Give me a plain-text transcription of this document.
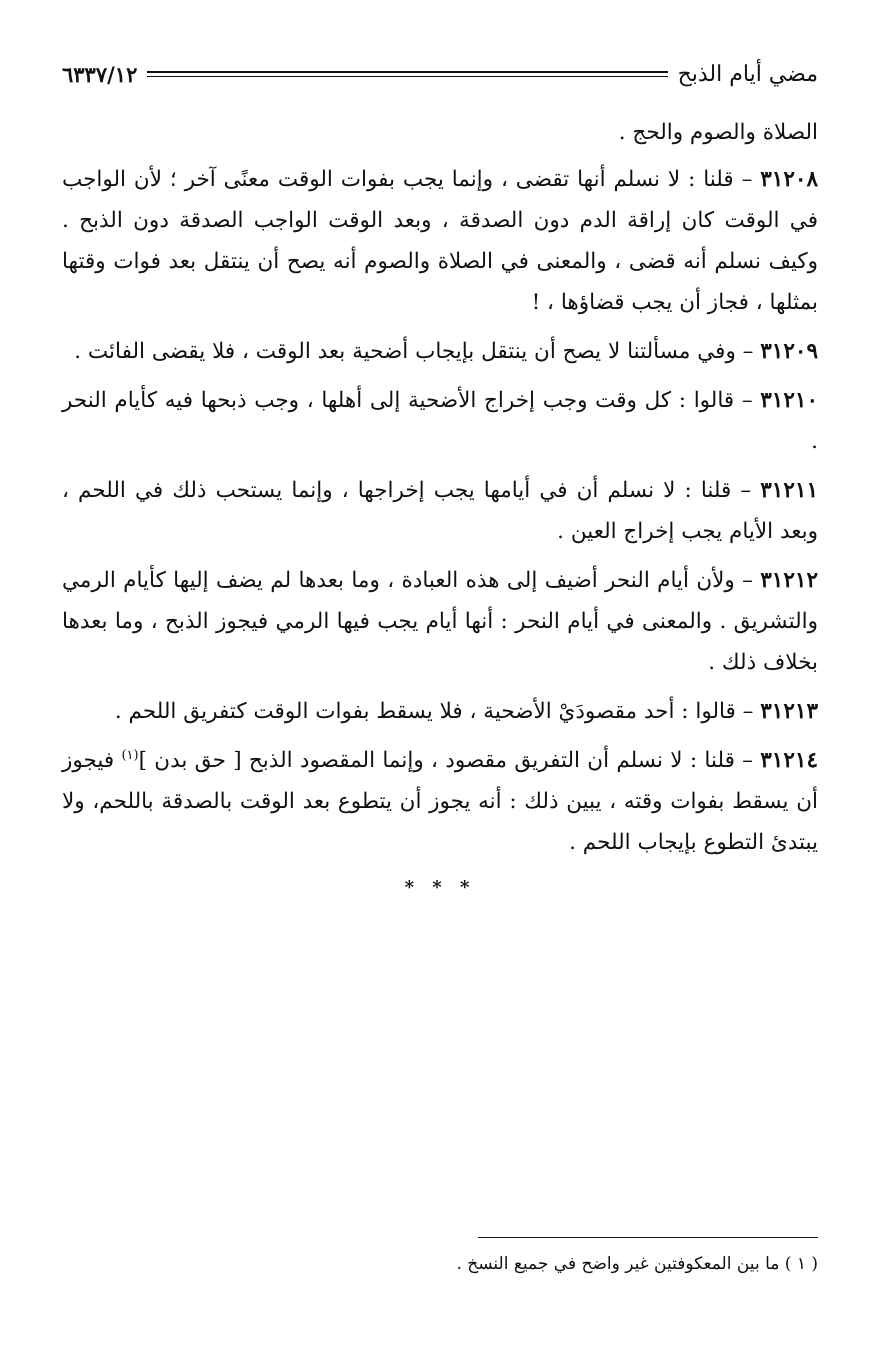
مضي أيام الذبح
٦٣٣٧/١٢

الصلاة والصوم والحج .

٣١٢٠٨ – قلنا : لا نسلم أنها تقضى ، وإنما يجب بفوات الوقت معنًى آخر ؛ لأن الواجب في الوقت كان إراقة الدم دون الصدقة ، وبعد الوقت الواجب الصدقة دون الذبح . وكيف نسلم أنه قضى ، والمعنى في الصلاة والصوم أنه يصح أن ينتقل بعد فوات وقتها بمثلها ، فجاز أن يجب قضاؤها ، !

٣١٢٠٩ – وفي مسألتنا لا يصح أن ينتقل بإيجاب أضحية بعد الوقت ، فلا يقضى الفائت .

٣١٢١٠ – قالوا : كل وقت وجب إخراج الأضحية إلى أهلها ، وجب ذبحها فيه كأيام النحر .

٣١٢١١ – قلنا : لا نسلم أن في أيامها يجب إخراجها ، وإنما يستحب ذلك في اللحم ، وبعد الأيام يجب إخراج العين .

٣١٢١٢ – ولأن أيام النحر أضيف إلى هذه العبادة ، وما بعدها لم يضف إليها كأيام الرمي والتشريق . والمعنى في أيام النحر : أنها أيام يجب فيها الرمي فيجوز الذبح ، وما بعدها بخلاف ذلك .

٣١٢١٣ – قالوا : أحد مقصودَيْ الأضحية ، فلا يسقط بفوات الوقت كتفريق اللحم .

٣١٢١٤ – قلنا : لا نسلم أن التفريق مقصود ، وإنما المقصود الذبح [ حق بدن ]$^{(١)}$ فيجوز أن يسقط بفوات وقته ، يبين ذلك : أنه يجوز أن يتطوع بعد الوقت بالصدقة باللحم، ولا يبتدئ التطوع بإيجاب اللحم .

* * *
( ١ ) ما بين المعكوفتين غير واضح في جميع النسخ .
